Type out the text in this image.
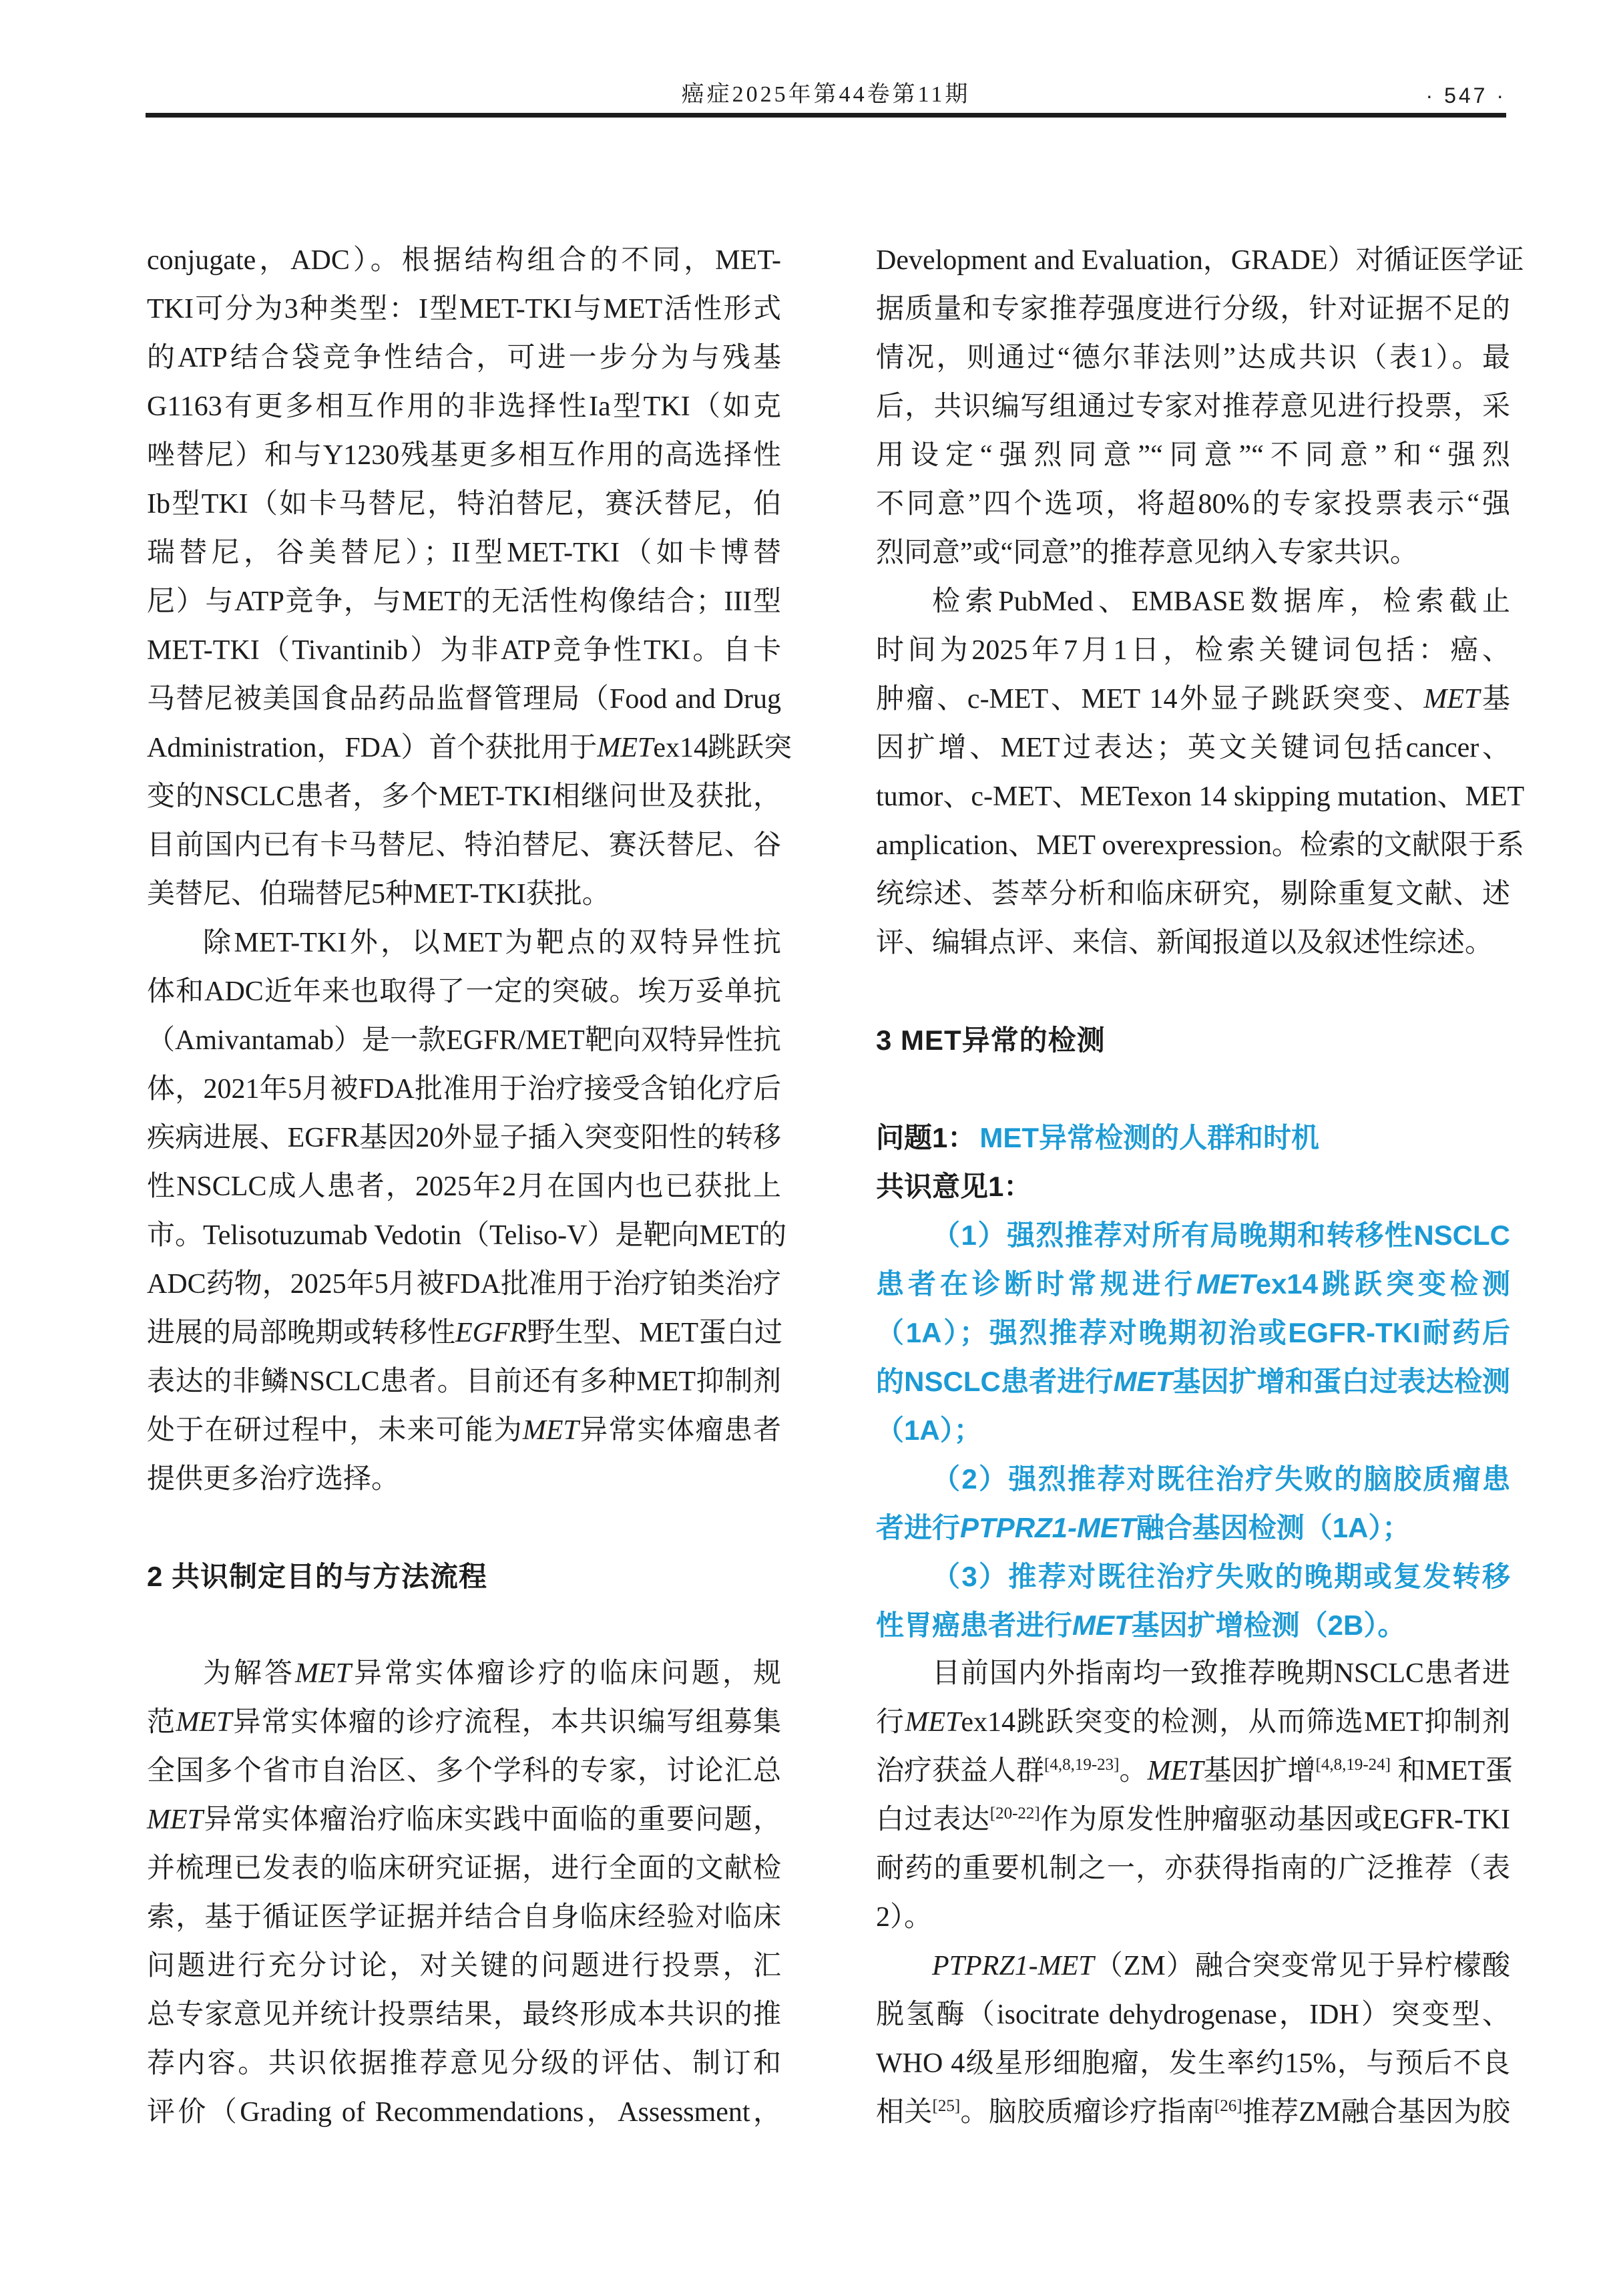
癌症2025年第44卷第11期	· 547 ·
conjugate，ADC）。根据结构组合的不同，MET-
TKI可分为3种类型：I型MET-TKI与MET活性形式
的ATP结合袋竞争性结合，可进一步分为与残基
G1163有更多相互作用的非选择性Ia型TKI（如克
唑替尼）和与Y1230残基更多相互作用的高选择性
Ib型TKI（如卡马替尼，特泊替尼，赛沃替尼，伯
瑞替尼，谷美替尼）；II型MET-TKI（如卡博替
尼）与ATP竞争，与MET的无活性构像结合；III型
MET-TKI（Tivantinib）为非ATP竞争性TKI。自卡
马替尼被美国食品药品监督管理局（Food and Drug
Administration，FDA）首个获批用于METex14跳跃突
变的NSCLC患者，多个MET-TKI相继问世及获批，
目前国内已有卡马替尼、特泊替尼、赛沃替尼、谷
美替尼、伯瑞替尼5种MET-TKI获批。
除MET-TKI外，以MET为靶点的双特异性抗
体和ADC近年来也取得了一定的突破。埃万妥单抗
（Amivantamab）是一款EGFR/MET靶向双特异性抗
体，2021年5月被FDA批准用于治疗接受含铂化疗后
疾病进展、EGFR基因20外显子插入突变阳性的转移
性NSCLC成人患者，2025年2月在国内也已获批上
市。Telisotuzumab Vedotin（Teliso-V）是靶向MET的
ADC药物，2025年5月被FDA批准用于治疗铂类治疗
进展的局部晚期或转移性EGFR野生型、MET蛋白过
表达的非鳞NSCLC患者。目前还有多种MET抑制剂
处于在研过程中，未来可能为MET异常实体瘤患者
提供更多治疗选择。
2 共识制定目的与方法流程
为解答MET异常实体瘤诊疗的临床问题，规
范MET异常实体瘤的诊疗流程，本共识编写组募集
全国多个省市自治区、多个学科的专家，讨论汇总
MET异常实体瘤治疗临床实践中面临的重要问题，
并梳理已发表的临床研究证据，进行全面的文献检
索，基于循证医学证据并结合自身临床经验对临床
问题进行充分讨论，对关键的问题进行投票，汇
总专家意见并统计投票结果，最终形成本共识的推
荐内容。共识依据推荐意见分级的评估、制订和
评价（Grading of Recommendations，Assessment，
Development and Evaluation，GRADE）对循证医学证
据质量和专家推荐强度进行分级，针对证据不足的
情况，则通过“德尔菲法则”达成共识（表1）。最
后，共识编写组通过专家对推荐意见进行投票，采
用设定“强烈同意”“同意”“不同意”和“强烈
不同意”四个选项，将超80%的专家投票表示“强
烈同意”或“同意”的推荐意见纳入专家共识。
检索PubMed、EMBASE数据库，检索截止
时间为2025年7月1日，检索关键词包括：癌、
肿瘤、c-MET、MET 14外显子跳跃突变、MET基
因扩增、MET过表达；英文关键词包括cancer、
tumor、c-MET、METexon 14 skipping mutation、MET
amplication、MET overexpression。检索的文献限于系
统综述、荟萃分析和临床研究，剔除重复文献、述
评、编辑点评、来信、新闻报道以及叙述性综述。
3 MET异常的检测
问题1： MET异常检测的人群和时机
共识意见1：
（1）强烈推荐对所有局晚期和转移性NSCLC
患者在诊断时常规进行METex14跳跃突变检测
（1A）；强烈推荐对晚期初治或EGFR-TKI耐药后
的NSCLC患者进行MET基因扩增和蛋白过表达检测
（1A）；
（2）强烈推荐对既往治疗失败的脑胶质瘤患
者进行PTPRZ1-MET融合基因检测（1A）；
（3）推荐对既往治疗失败的晚期或复发转移
性胃癌患者进行MET基因扩增检测（2B）。
目前国内外指南均一致推荐晚期NSCLC患者进
行METex14跳跃突变的检测，从而筛选MET抑制剂
治疗获益人群[4,8,19-23]。MET基因扩增[4,8,19-24] 和MET蛋
白过表达[20-22]作为原发性肿瘤驱动基因或EGFR-TKI
耐药的重要机制之一，亦获得指南的广泛推荐（表
2）。
PTPRZ1-MET（ZM）融合突变常见于异柠檬酸
脱氢酶（isocitrate dehydrogenase，IDH）突变型、
WHO 4级星形细胞瘤，发生率约15%，与预后不良
相关[25]。脑胶质瘤诊疗指南[26]推荐ZM融合基因为胶
